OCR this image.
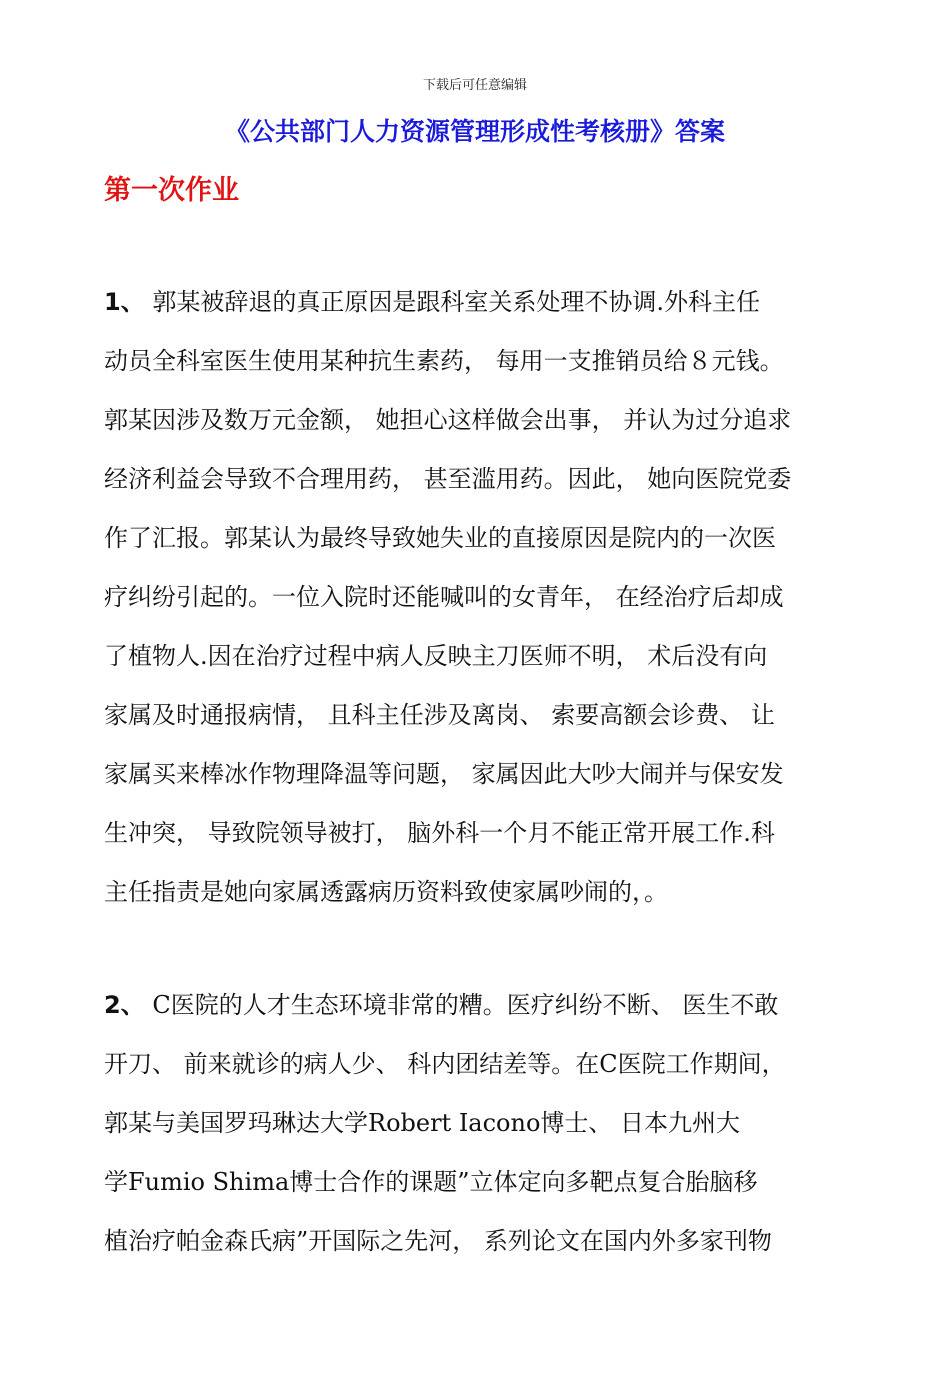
下载后可任意编辑
《公共部门人力资源管理形成性考核册》答案
第一次作业
1、 郭某被辞退的真正原因是跟科室关系处理不协调.外科主任
动员全科室医生使用某种抗生素药， 每用一支推销员给８元钱。
郭某因涉及数万元金额， 她担心这样做会出事， 并认为过分追求
经济利益会导致不合理用药， 甚至滥用药。因此， 她向医院党委
作了汇报。郭某认为最终导致她失业的直接原因是院内的一次医
疗纠纷引起的。一位入院时还能喊叫的女青年， 在经治疗后却成
了植物人.因在治疗过程中病人反映主刀医师不明， 术后没有向
家属及时通报病情， 且科主任涉及离岗、 索要高额会诊费、 让
家属买来棒冰作物理降温等问题， 家属因此大吵大闹并与保安发
生冲突， 导致院领导被打， 脑外科一个月不能正常开展工作.科
主任指责是她向家属透露病历资料致使家属吵闹的，。
2、 C医院的人才生态环境非常的糟。医疗纠纷不断、 医生不敢
开刀、 前来就诊的病人少、 科内团结差等。在C医院工作期间，
郭某与美国罗玛琳达大学Robert Iacono博士、 日本九州大
学Fumio Shima博士合作的课题”立体定向多靶点复合胎脑移
植治疗帕金森氏病”开国际之先河， 系列论文在国内外多家刊物
